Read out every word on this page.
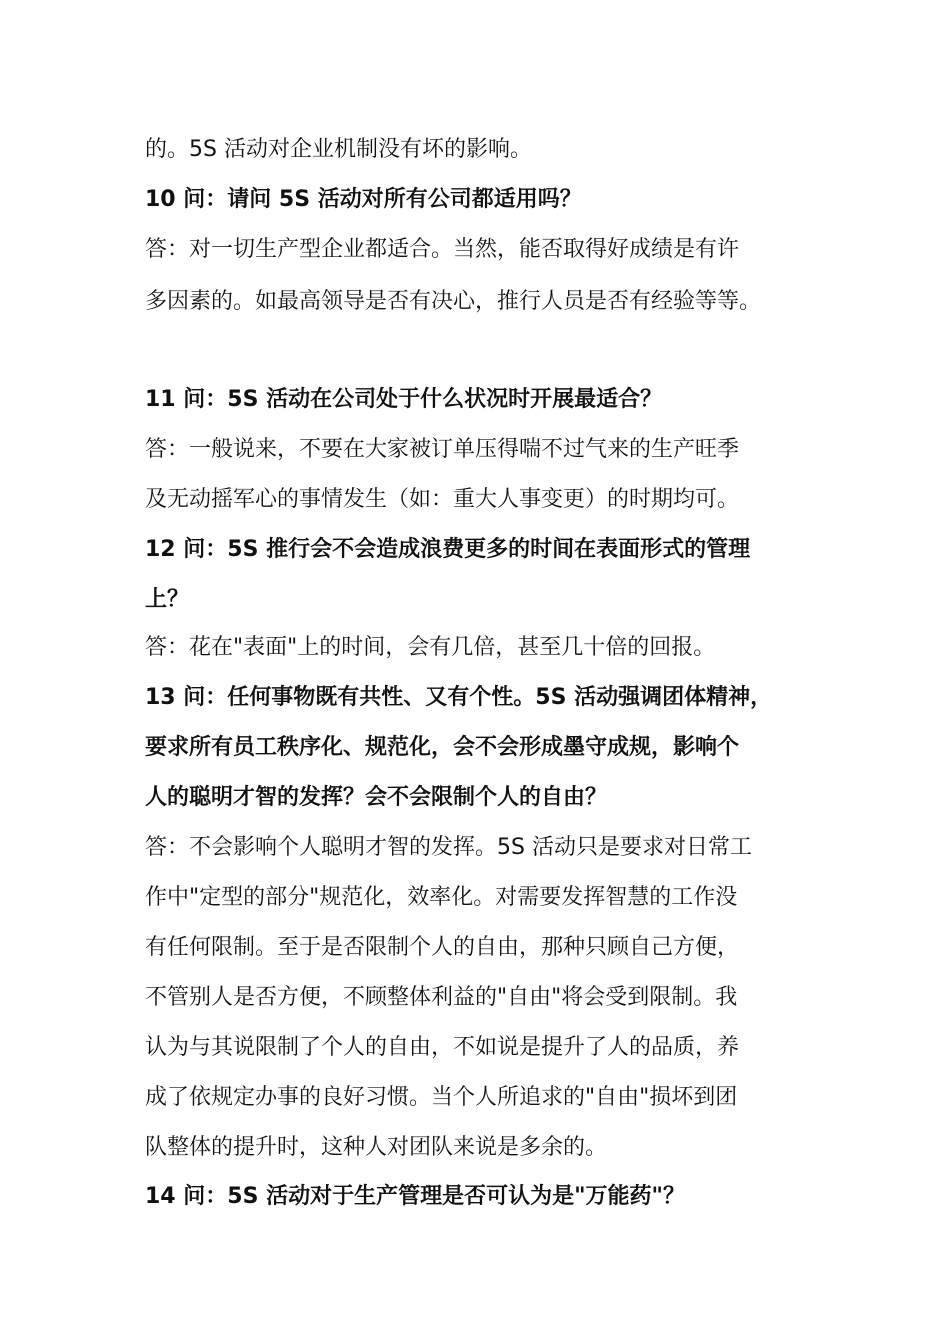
的。5S 活动对企业机制没有坏的影响。
10 问：请问 5S 活动对所有公司都适用吗？
答：对一切生产型企业都适合。当然，能否取得好成绩是有许
多因素的。如最高领导是否有决心，推行人员是否有经验等等。
11 问：5S 活动在公司处于什么状况时开展最适合？
答：一般说来，不要在大家被订单压得喘不过气来的生产旺季
及无动摇军心的事情发生（如：重大人事变更）的时期均可。
12 问：5S 推行会不会造成浪费更多的时间在表面形式的管理
上？
答：花在"表面"上的时间，会有几倍，甚至几十倍的回报。
13 问：任何事物既有共性、又有个性。5S 活动强调团体精神，
要求所有员工秩序化、规范化，会不会形成墨守成规，影响个
人的聪明才智的发挥？会不会限制个人的自由？
答：不会影响个人聪明才智的发挥。5S 活动只是要求对日常工
作中"定型的部分"规范化，效率化。对需要发挥智慧的工作没
有任何限制。至于是否限制个人的自由，那种只顾自己方便，
不管别人是否方便，不顾整体利益的"自由"将会受到限制。我
认为与其说限制了个人的自由，不如说是提升了人的品质，养
成了依规定办事的良好习惯。当个人所追求的"自由"损坏到团
队整体的提升时，这种人对团队来说是多余的。
14 问：5S 活动对于生产管理是否可认为是"万能药"？
